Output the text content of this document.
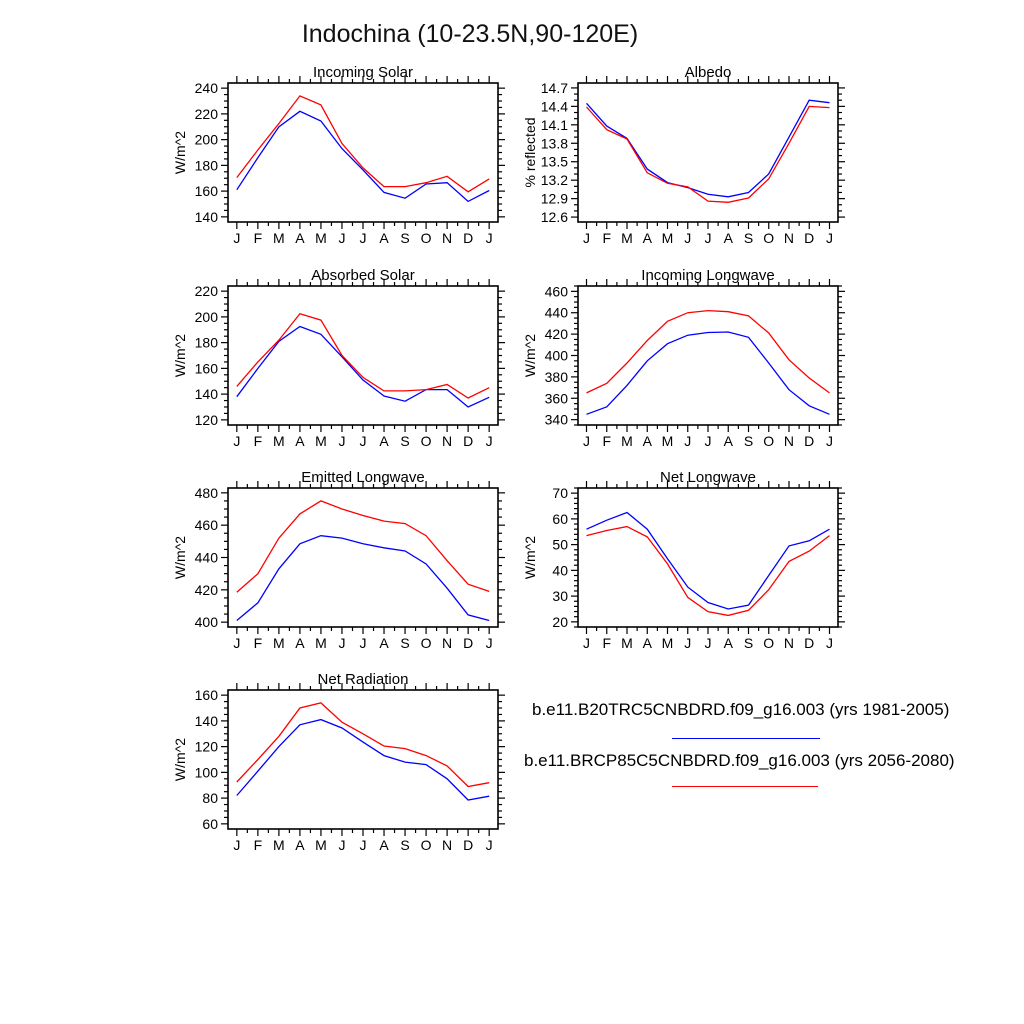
Indochina (10-23.5N,90-120E)
Incoming Solar
W/m^2
J F M A M J J A S O N D J
140
160
180
200
220
240
Albedo
% reflected
J F M A M J J A S O N D J
12.6
12.9
13.2
13.5
13.8
14.1
14.4
14.7
Absorbed Solar
W/m^2
J F M A M J J A S O N D J
120
140
160
180
200
220
Incoming Longwave
W/m^2
J F M A M J J A S O N D J
340
360
380
400
420
440
460
Emitted Longwave
W/m^2
J F M A M J J A S O N D J
400
420
440
460
480
Net Longwave
W/m^2
J F M A M J J A S O N D J
20
30
40
50
60
70
Net Radiation
W/m^2
J F M A M J J A S O N D J
60
80
100
120
140
160
b.e11.B20TRC5CNBDRD.f09_g16.003 (yrs 1981-2005)
b.e11.BRCP85C5CNBDRD.f09_g16.003 (yrs 2056-2080)
